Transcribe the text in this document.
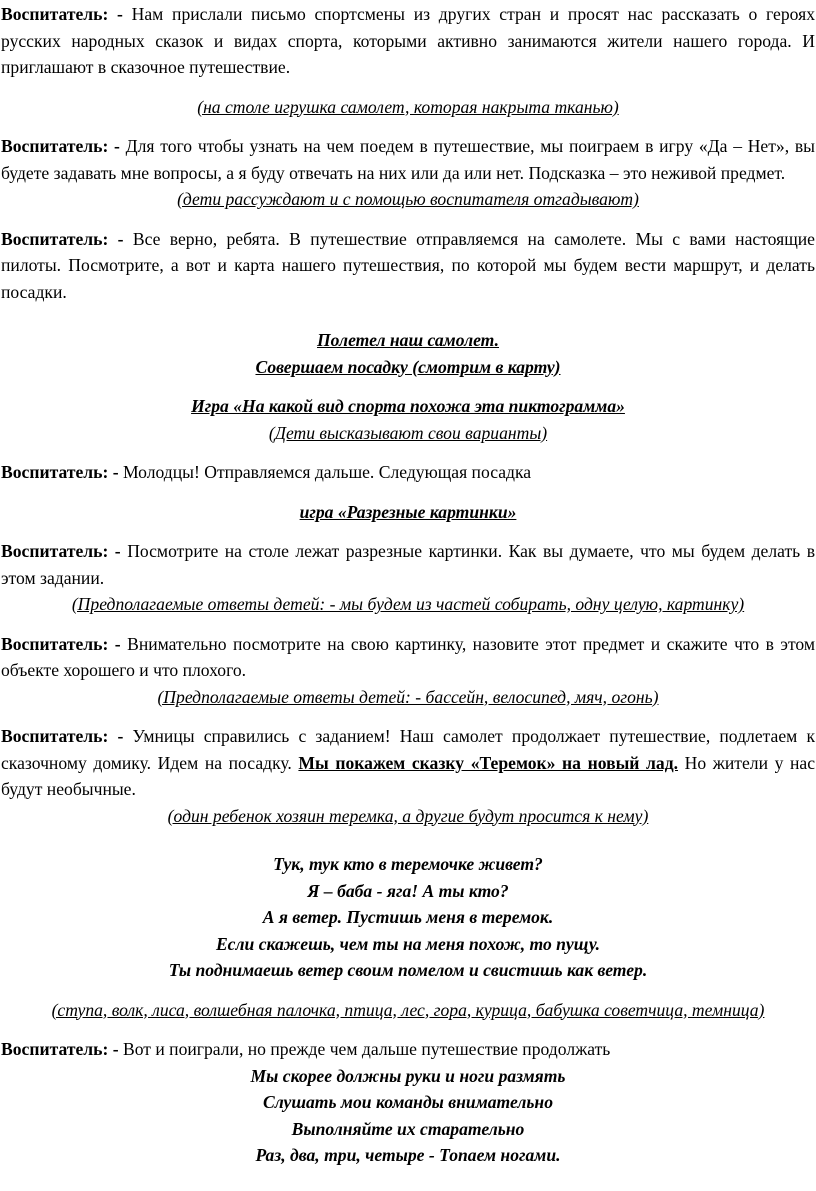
Воспитатель: - Нам прислали письмо спортсмены из других стран и просят нас рассказать о героях русских народных сказок и видах спорта, которыми активно занимаются жители нашего города. И приглашают в сказочное путешествие.

(на столе игрушка самолет, которая накрыта тканью)

Воспитатель: - Для того чтобы узнать на чем поедем в путешествие, мы поиграем в игру «Да – Нет», вы будете задавать мне вопросы, а я буду отвечать на них или да или нет. Подсказка – это неживой предмет.

(дети рассуждают и с помощью воспитателя отгадывают)

Воспитатель: - Все верно, ребята. В путешествие отправляемся на самолете. Мы с вами настоящие пилоты. Посмотрите, а вот и карта нашего путешествия, по которой мы будем вести маршрут, и делать посадки.

Полетел наш самолет.

Совершаем посадку (смотрим в карту)

Игра «На какой вид спорта похожа эта пиктограмма»

(Дети высказывают свои варианты)

Воспитатель: - Молодцы! Отправляемся дальше. Следующая посадка

игра «Разрезные картинки»

Воспитатель: - Посмотрите на столе лежат разрезные картинки. Как вы думаете, что мы будем делать в этом задании.

(Предполагаемые ответы детей: - мы будем из частей собирать, одну целую, картинку)

Воспитатель: - Внимательно посмотрите на свою картинку, назовите этот предмет и скажите что в этом объекте хорошего и что плохого.

(Предполагаемые ответы детей: - бассейн, велосипед, мяч, огонь)

Воспитатель: - Умницы справились с заданием! Наш самолет продолжает путешествие, подлетаем к сказочному домику. Идем на посадку. Мы покажем сказку «Теремок» на новый лад. Но жители у нас будут необычные.

(один ребенок хозяин теремка, а другие будут просится к нему)

Тук, тук кто в теремочке живет?

Я – баба - яга! А ты кто?

А я ветер. Пустишь меня в теремок.

Если скажешь, чем ты на меня похож, то пущу.

Ты поднимаешь ветер своим помелом и свистишь как ветер.

(ступа, волк, лиса, волшебная палочка, птица, лес, гора, курица, бабушка советчица, темница)

Воспитатель: - Вот и поиграли, но прежде чем дальше путешествие продолжать

Мы скорее должны руки и ноги размять

Слушать мои команды внимательно

Выполняйте их старательно

Раз, два, три, четыре - Топаем ногами.
